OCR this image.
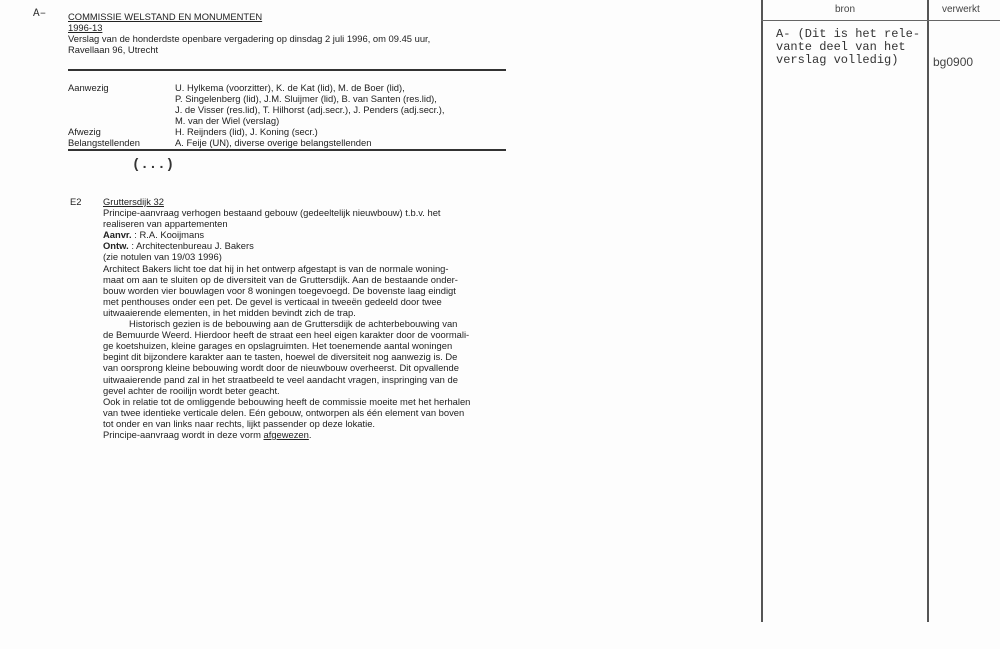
A– COMMISSIE WELSTAND EN MONUMENTEN
1996-13
Verslag van de honderdste openbare vergadering op dinsdag 2 juli 1996, om 09.45 uur,
Ravellaan 96, Utrecht
Aanwezig
Afwezig
Belangstellenden
U. Hylkema (voorzitter), K. de Kat (lid), M. de Boer (lid),
P. Singelenberg (lid), J.M. Sluijmer (lid), B. van Santen (res.lid),
J. de Visser (res.lid), T. Hilhorst (adj.secr.), J. Penders (adj.secr.),
M. van der Wiel (verslag)
H. Reijnders (lid), J. Koning (secr.)
A. Feije (UN), diverse overige belangstellenden
(...)
E2 Gruttersdijk 32
Principe-aanvraag verhogen bestaand gebouw (gedeeltelijk nieuwbouw) t.b.v. het
realiseren van appartementen
Aanvr. : R.A. Kooijmans
Ontw. : Architectenbureau J. Bakers
(zie notulen van 19/03 1996)
Architect Bakers licht toe dat hij in het ontwerp afgestapt is van de normale woning-
maat om aan te sluiten op de diversiteit van de Gruttersdijk. Aan de bestaande onder-
bouw worden vier bouwlagen voor 8 woningen toegevoegd. De bovenste laag eindigt
met penthouses onder een pet. De gevel is verticaal in tweeën gedeeld door twee
uitwaaierende elementen, in het midden bevindt zich de trap.
Historisch gezien is de bebouwing aan de Gruttersdijk de achterbebouwing van
de Bemuurde Weerd. Hierdoor heeft de straat een heel eigen karakter door de voormali-
ge koetshuizen, kleine garages en opslagruimten. Het toenemende aantal woningen
begint dit bijzondere karakter aan te tasten, hoewel de diversiteit nog aanwezig is. De
van oorsprong kleine bebouwing wordt door de nieuwbouw overheerst. Dit opvallende
uitwaaierende pand zal in het straatbeeld te veel aandacht vragen, inspringing van de
gevel achter de rooilijn wordt beter geacht.
Ook in relatie tot de omliggende bebouwing heeft de commissie moeite met het herhalen
van twee identieke verticale delen. Eén gebouw, ontworpen als één element van boven
tot onder en van links naar rechts, lijkt passender op deze lokatie.
Principe-aanvraag wordt in deze vorm afgewezen.
bron	verwerkt
A- (Dit is het rele-
vante deel van het
verslag volledig)	bg0900
